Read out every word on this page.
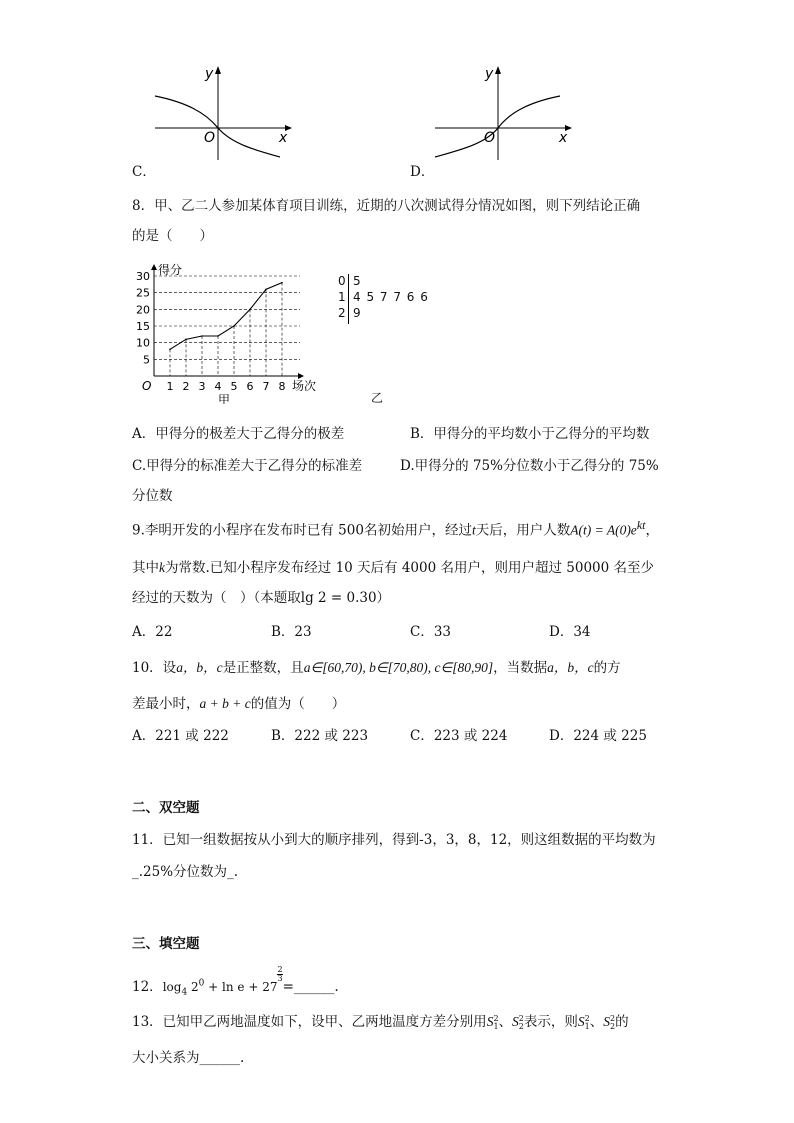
x
y
O
C．
x
y
O
D．
8．甲、乙二人参加某体育项目训练，近期的八次测试得分情况如图，则下列结论正确
的是（　　）
5
10
15
20
25
30 得分
1 2 3 4 5 6 7 8 场次
O
甲
0 5
1 4 5 7 7 6 6
2 9
乙
A．甲得分的极差大于乙得分的极差	B．甲得分的平均数小于乙得分的平均数
C.甲得分的标准差大于乙得分的标准差	D.甲得分的 75%分位数小于乙得分的 75%
分位数
9.李明开发的小程序在发布时已有 500名初始用户，经过t天后，用户人数$A(t) = A(0)e^{kt}$，
其中k为常数.已知小程序发布经过 10 天后有 4000 名用户，则用户超过 50000 名至少
经过的天数为（　）（本题取lg 2 = 0.30）
A．22	B．23	C．33	D．34
10．设a，b，c是正整数，且a∈[60,70), b∈[70,80), c∈[80,90]，当数据a，b，c的方
差最小时，a + b + c的值为（　　）
A．221 或 222	B．222 或 223	C．223 或 224	D．224 或 225
二、双空题
11．已知一组数据按从小到大的顺序排列，得到-3，3，8，12，则这组数据的平均数为
_.25%分位数为_.
三、填空题
12．$\log_4 2^0 + \ln e + 27$
$\frac{2}{3}$
=______.
13．已知甲乙两地温度如下，设甲、乙两地温度方差分别用S 2
1 、S 2
2 表示，则S 2
1 、S 2
2 的
大小关系为______.
